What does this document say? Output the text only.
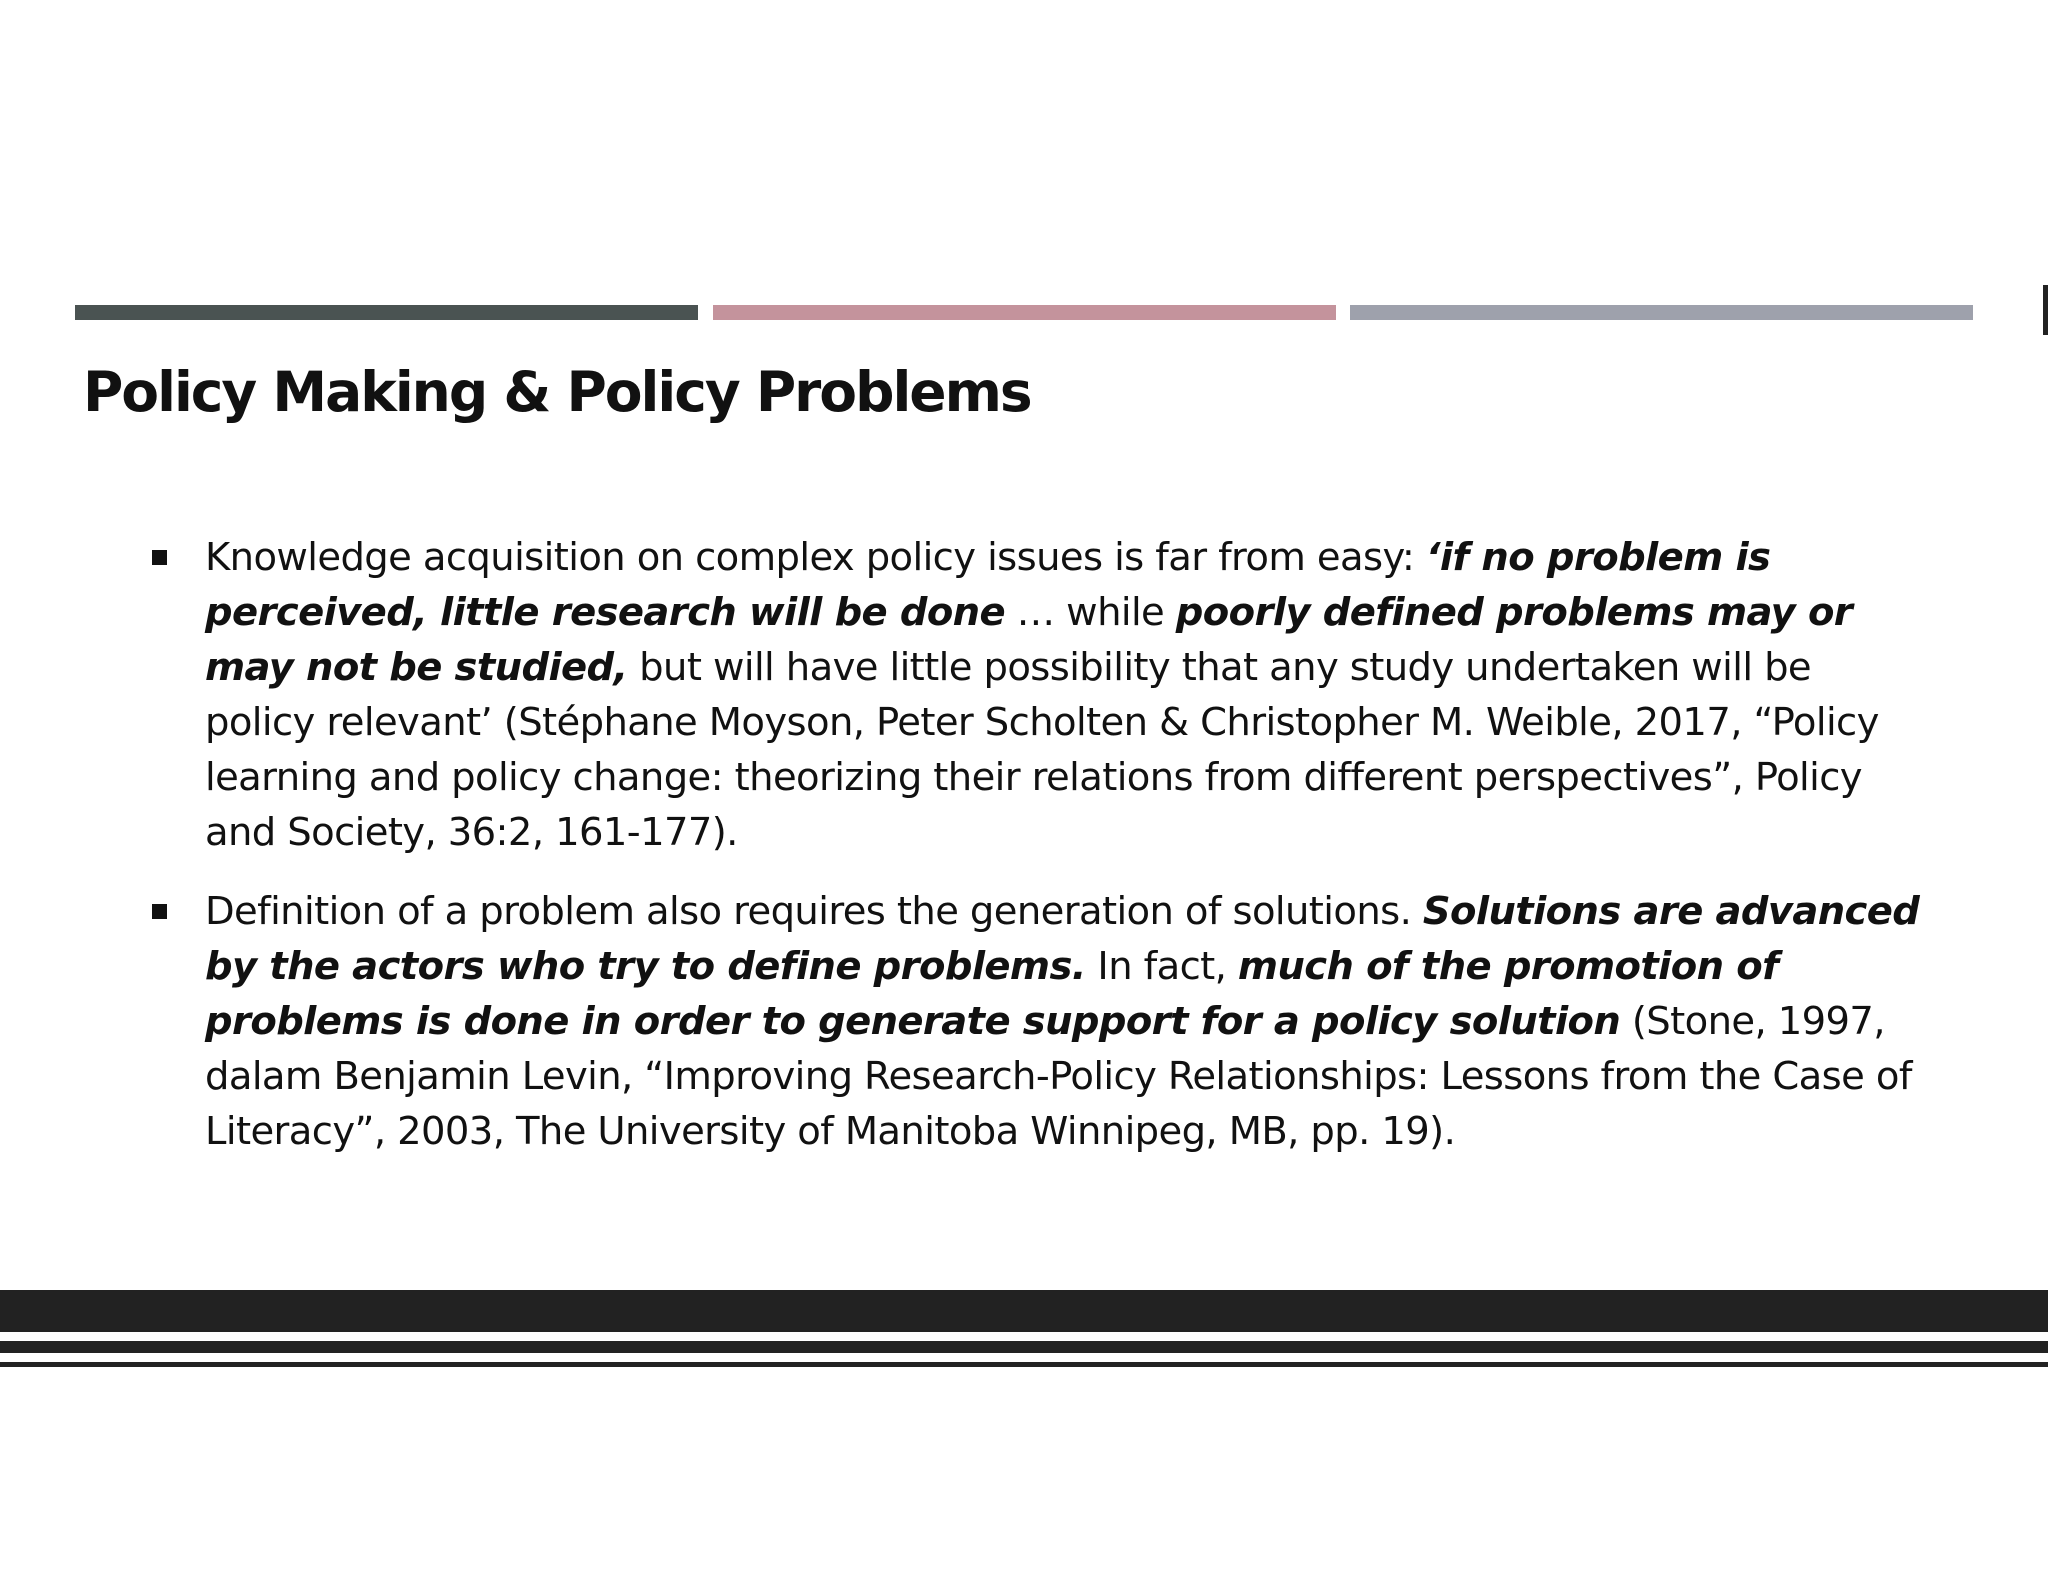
Policy Making & Policy Problems
Knowledge acquisition on complex policy issues is far from easy: ‘if no problem is perceived, little research will be done … while poorly defined problems may or may not be studied, but will have little possibility that any study undertaken will be policy relevant’ (Stéphane Moyson, Peter Scholten & Christopher M. Weible, 2017, “Policy learning and policy change: theorizing their relations from different perspectives”, Policy and Society, 36:2, 161-177).
Definition of a problem also requires the generation of solutions. Solutions are advanced by the actors who try to define problems. In fact, much of the promotion of problems is done in order to generate support for a policy solution (Stone, 1997, dalam Benjamin Levin, “Improving Research-Policy Relationships: Lessons from the Case of Literacy”, 2003, The University of Manitoba Winnipeg, MB, pp. 19).
